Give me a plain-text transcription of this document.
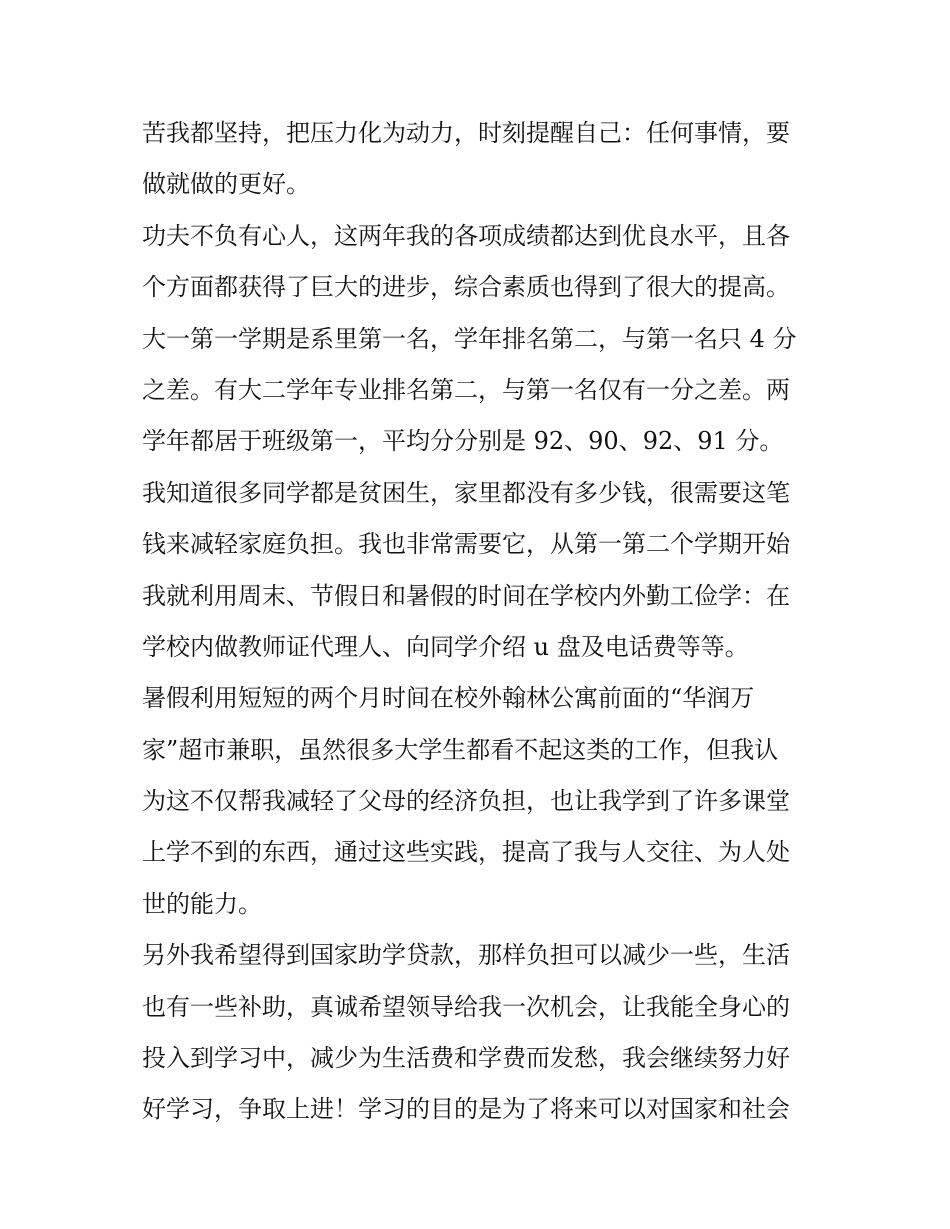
苦我都坚持，把压力化为动力，时刻提醒自己：任何事情，要
做就做的更好。
功夫不负有心人，这两年我的各项成绩都达到优良水平，且各
个方面都获得了巨大的进步，综合素质也得到了很大的提高。
大一第一学期是系里第一名，学年排名第二，与第一名只 4 分
之差。有大二学年专业排名第二，与第一名仅有一分之差。两
学年都居于班级第一，平均分分别是 92、90、92、91 分。
我知道很多同学都是贫困生，家里都没有多少钱，很需要这笔
钱来减轻家庭负担。我也非常需要它，从第一第二个学期开始
我就利用周末、节假日和暑假的时间在学校内外勤工俭学：在
学校内做教师证代理人、向同学介绍 u 盘及电话费等等。
暑假利用短短的两个月时间在校外翰林公寓前面的“华润万
家”超市兼职，虽然很多大学生都看不起这类的工作，但我认
为这不仅帮我减轻了父母的经济负担，也让我学到了许多课堂
上学不到的东西，通过这些实践，提高了我与人交往、为人处
世的能力。
另外我希望得到国家助学贷款，那样负担可以减少一些，生活
也有一些补助，真诚希望领导给我一次机会，让我能全身心的
投入到学习中，减少为生活费和学费而发愁，我会继续努力好
好学习，争取上进！学习的目的是为了将来可以对国家和社会
